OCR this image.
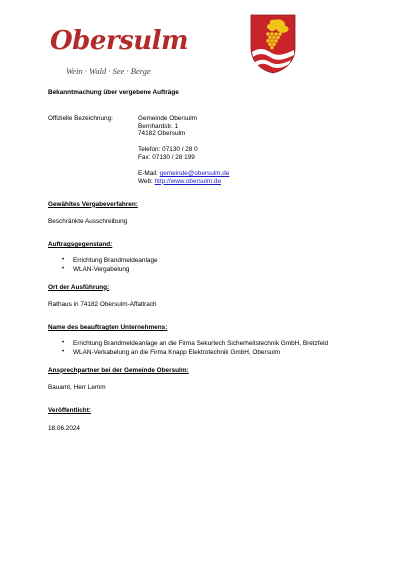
Obersulm
Wein · Wald · See · Berge
Bekanntmachung über vergebene Aufträge
Offizielle Bezeichnung:	Gemeinde Obersulm
Bernhardstr. 1
74182 Obersulm
Telefon: 07130 / 28 0
Fax: 07130 / 28 199
E-Mail: gemeinde@obersulm.de
Web: http://www.obersulm.de
Gewähltes Vergabeverfahren:
Beschränkte Ausschreibung
Auftragsgegenstand:
• Errichtung Brandmeldeanlage
• WLAN-Vergabelung
Ort der Ausführung:
Rathaus in 74182 Obersulm-Affaltrach
Name des beauftragten Unternehmens:
• Errichtung Brandmeldeanlage an die Firma Sekurtech Sicherheitstechnik GmbH, Bretzfeld
• WLAN-Verkabelung an die Firma Knapp Elektrotechnik GmbH, Obersulm
Ansprechpartner bei der Gemeinde Obersulm:
Bauamt, Herr Lemm
Veröffentlicht:
18.06.2024
